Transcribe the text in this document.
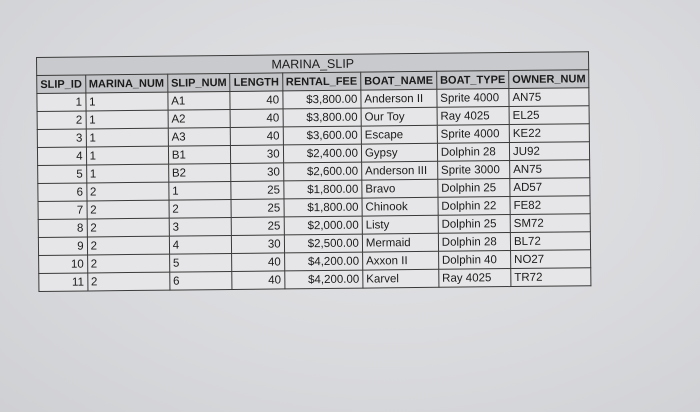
MARINA_SLIP							
SLIP_ID	MARINA_NUM	SLIP_NUM	LENGTH	RENTAL_FEE	BOAT_NAME	BOAT_TYPE	OWNER_NUM
1	1	A1	40	$3,800.00	Anderson II	Sprite 4000	AN75
2	1	A2	40	$3,800.00	Our Toy	Ray 4025	EL25
3	1	A3	40	$3,600.00	Escape	Sprite 4000	KE22
4	1	B1	30	$2,400.00	Gypsy	Dolphin 28	JU92
5	1	B2	30	$2,600.00	Anderson III	Sprite 3000	AN75
6	2	1	25	$1,800.00	Bravo	Dolphin 25	AD57
7	2	2	25	$1,800.00	Chinook	Dolphin 22	FE82
8	2	3	25	$2,000.00	Listy	Dolphin 25	SM72
9	2	4	30	$2,500.00	Mermaid	Dolphin 28	BL72
10	2	5	40	$4,200.00	Axxon II	Dolphin 40	NO27
11	2	6	40	$4,200.00	Karvel	Ray 4025	TR72
